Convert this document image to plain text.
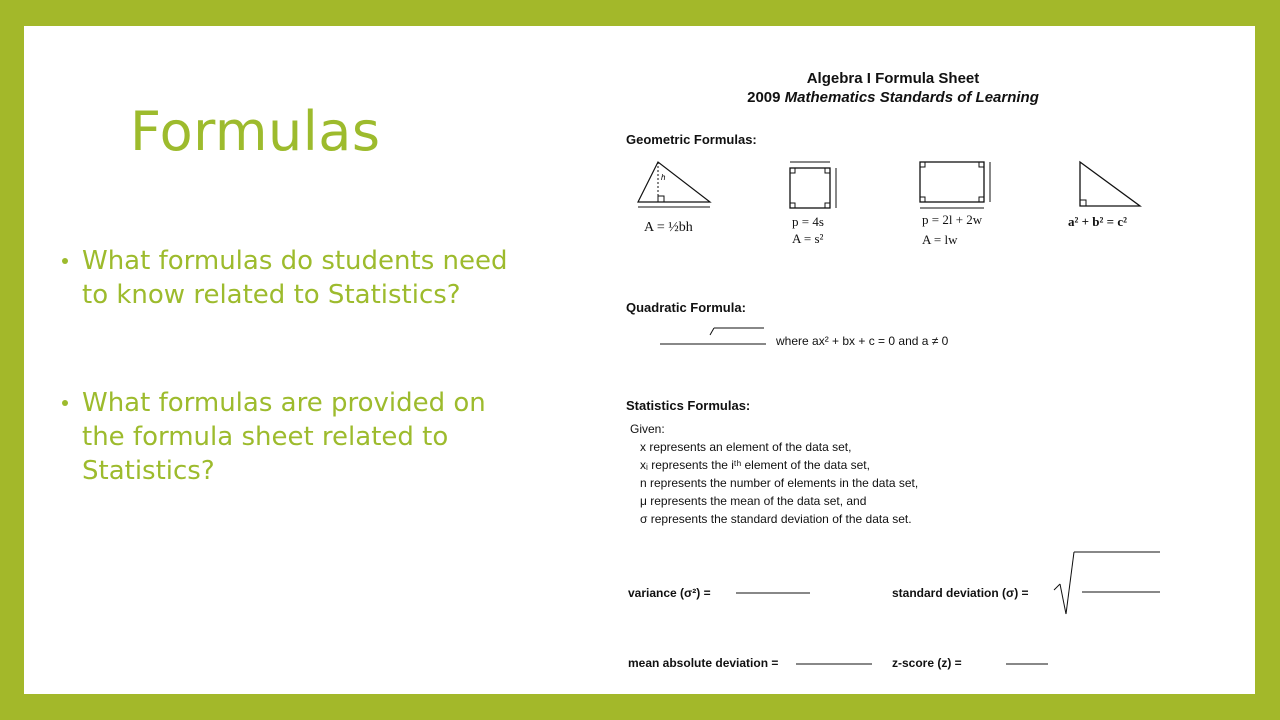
Formulas
What formulas do students need to know related to Statistics?
What formulas are provided on the formula sheet related to Statistics?
Algebra I Formula Sheet
2009 Mathematics Standards of Learning
Geometric Formulas:
h
A = ½bh	p = 4s
A = s²
p = 2l + 2w
A = lw
a² + b² = c²
Quadratic Formula:
where ax² + bx + c = 0 and a ≠ 0
Statistics Formulas:
Given:
x represents an element of the data set,
xᵢ represents the iᵗʰ element of the data set,
n represents the number of elements in the data set,
μ represents the mean of the data set, and
σ represents the standard deviation of the data set.
variance (σ²) =	standard deviation (σ) =
mean absolute deviation =	z-score (z) =
